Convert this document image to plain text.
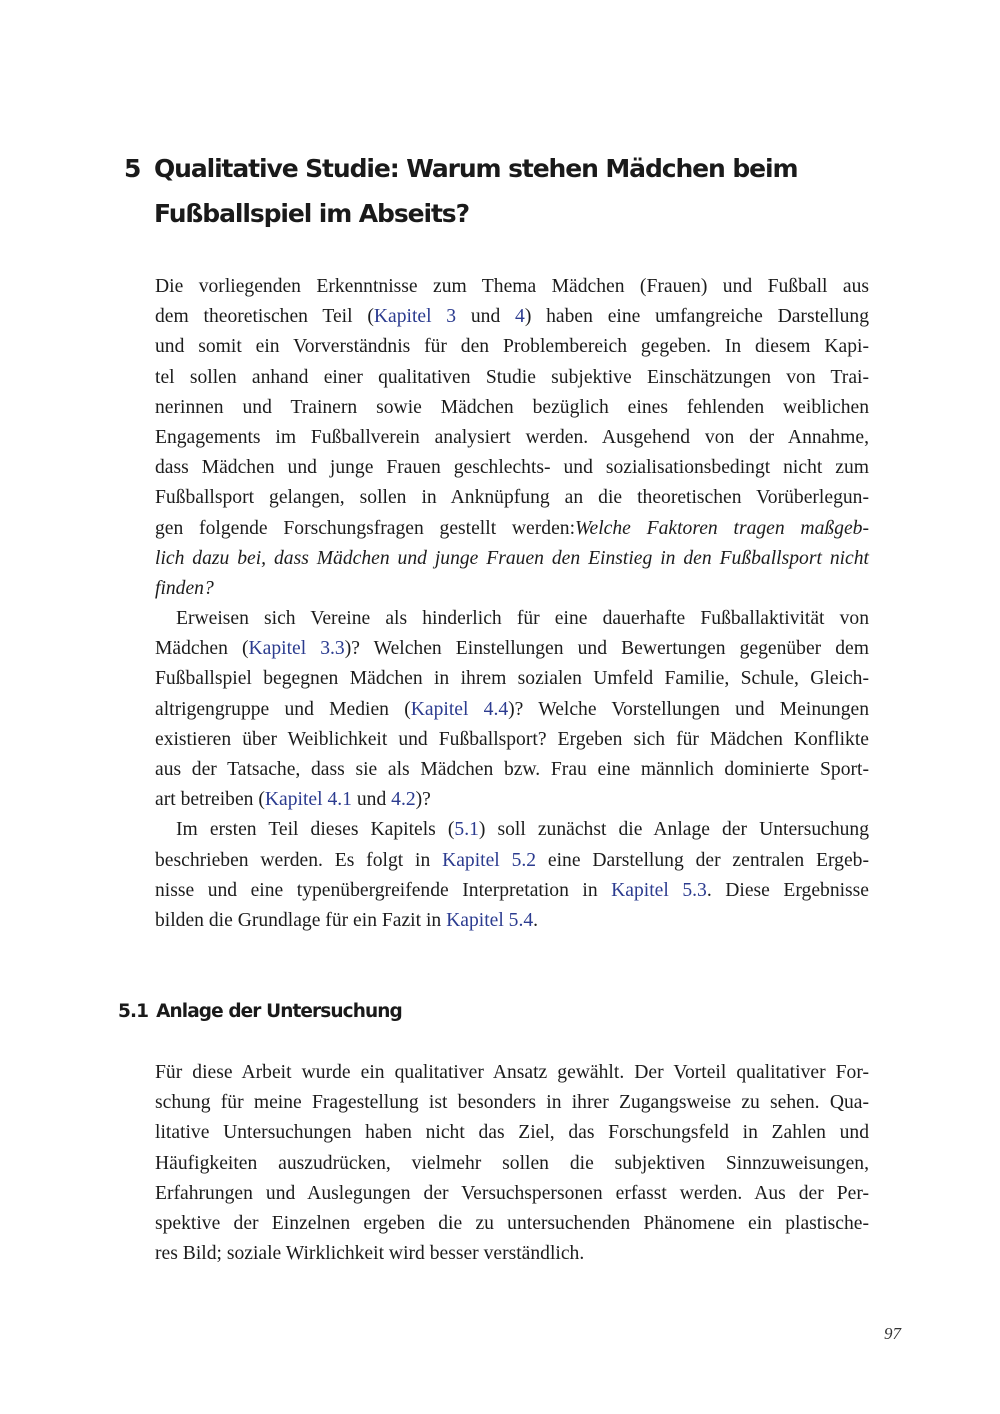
5 Qualitative Studie: Warum stehen Mädchen beim
Fußballspiel im Abseits?
Die vorliegenden Erkenntnisse zum Thema Mädchen (Frauen) und Fußball aus
dem theoretischen Teil (Kapitel 3 und 4) haben eine umfangreiche Darstellung
und somit ein Vorverständnis für den Problembereich gegeben. In diesem Kapi-
tel sollen anhand einer qualitativen Studie subjektive Einschätzungen von Trai-
nerinnen und Trainern sowie Mädchen bezüglich eines fehlenden weiblichen
Engagements im Fußballverein analysiert werden. Ausgehend von der Annahme,
dass Mädchen und junge Frauen geschlechts- und sozialisationsbedingt nicht zum
Fußballsport gelangen, sollen in Anknüpfung an die theoretischen Vorüberlegun-
gen folgende Forschungsfragen gestellt werden:Welche Faktoren tragen maßgeb-
lich dazu bei, dass Mädchen und junge Frauen den Einstieg in den Fußballsport nicht
finden?
Erweisen sich Vereine als hinderlich für eine dauerhafte Fußballaktivität von
Mädchen (Kapitel 3.3)? Welchen Einstellungen und Bewertungen gegenüber dem
Fußballspiel begegnen Mädchen in ihrem sozialen Umfeld Familie, Schule, Gleich-
altrigengruppe und Medien (Kapitel 4.4)? Welche Vorstellungen und Meinungen
existieren über Weiblichkeit und Fußballsport? Ergeben sich für Mädchen Konflikte
aus der Tatsache, dass sie als Mädchen bzw. Frau eine männlich dominierte Sport-
art betreiben (Kapitel 4.1 und 4.2)?
Im ersten Teil dieses Kapitels (5.1) soll zunächst die Anlage der Untersuchung
beschrieben werden. Es folgt in Kapitel 5.2 eine Darstellung der zentralen Ergeb-
nisse und eine typenübergreifende Interpretation in Kapitel 5.3. Diese Ergebnisse
bilden die Grundlage für ein Fazit in Kapitel 5.4.
5.1 Anlage der Untersuchung
Für diese Arbeit wurde ein qualitativer Ansatz gewählt. Der Vorteil qualitativer For-
schung für meine Fragestellung ist besonders in ihrer Zugangsweise zu sehen. Qua-
litative Untersuchungen haben nicht das Ziel, das Forschungsfeld in Zahlen und
Häufigkeiten auszudrücken, vielmehr sollen die subjektiven Sinnzuweisungen,
Erfahrungen und Auslegungen der Versuchspersonen erfasst werden. Aus der Per-
spektive der Einzelnen ergeben die zu untersuchenden Phänomene ein plastische-
res Bild; soziale Wirklichkeit wird besser verständlich.
97
